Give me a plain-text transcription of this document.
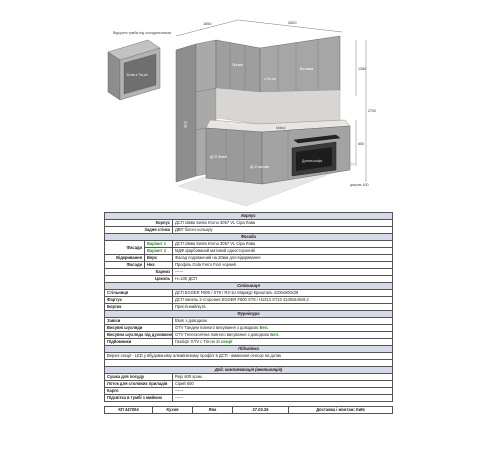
Відкрита тумба під холодильником
Хотів з Тіп-он
ДСП
Прізма
Витяжка
з Тіп-он
Мийка
ДСП білий
ДСП матове
Духова шафа
1850	2600
1380
2700
650
цоколь 100
Корпус		
Корпус		ДСП 18мм Swiss Krono 3057 VL Сіра Лава
Задня стінка		ДВП білого кольору
Фасади		
Фасади	Варіант 1	ДСП 18мм Swiss Krono 3057 VL Сіра Лава
	Варіант 2	МДФ фарбований матовий односторонній
Відкривання	Верх	Фасад подовжений на 20мм для відкривання
Фасади	Низ	Профіль Gola Ferro Fiori чорний
Карниз		------
Цоколь		H=100 ДСП
Стільниця		
Стільниця		ДСП EGGER F800 / ST9 / R3-1U Мармур Кришталь 4100х600х38
Фартух		ДСП панель 2-стороння EGGER F800 ST9 / H1313 ST10 4100х640х9,2
Бортик		Пристінний/кута
Фурнітура		
Завіси		Blum з доводкою
Висувні шухляди		GTV Тандем повного висування з доводкою Бел.
Висувна шухляда під духовкою		GTV Телескопічна повного висування з доводкою Бел.
Підйомники		Газліфт GTV с Тіп-он Зі секції
Підсвітка		
Верхні секції - LED у вбудованому алюмінієвому профілі в ДСП - вмикання сенсор на дотик		

Дод. комплектація (вентиляція)		
Сушка для посуду		Rejs 600 хром
Лоток для столових приладів		Сірий 600
Карго		------
Підсвітка в тумбі з мийкою		------
КП 347004	Кухня	Яна	27.03.26	Доставка і монтаж: Київ
